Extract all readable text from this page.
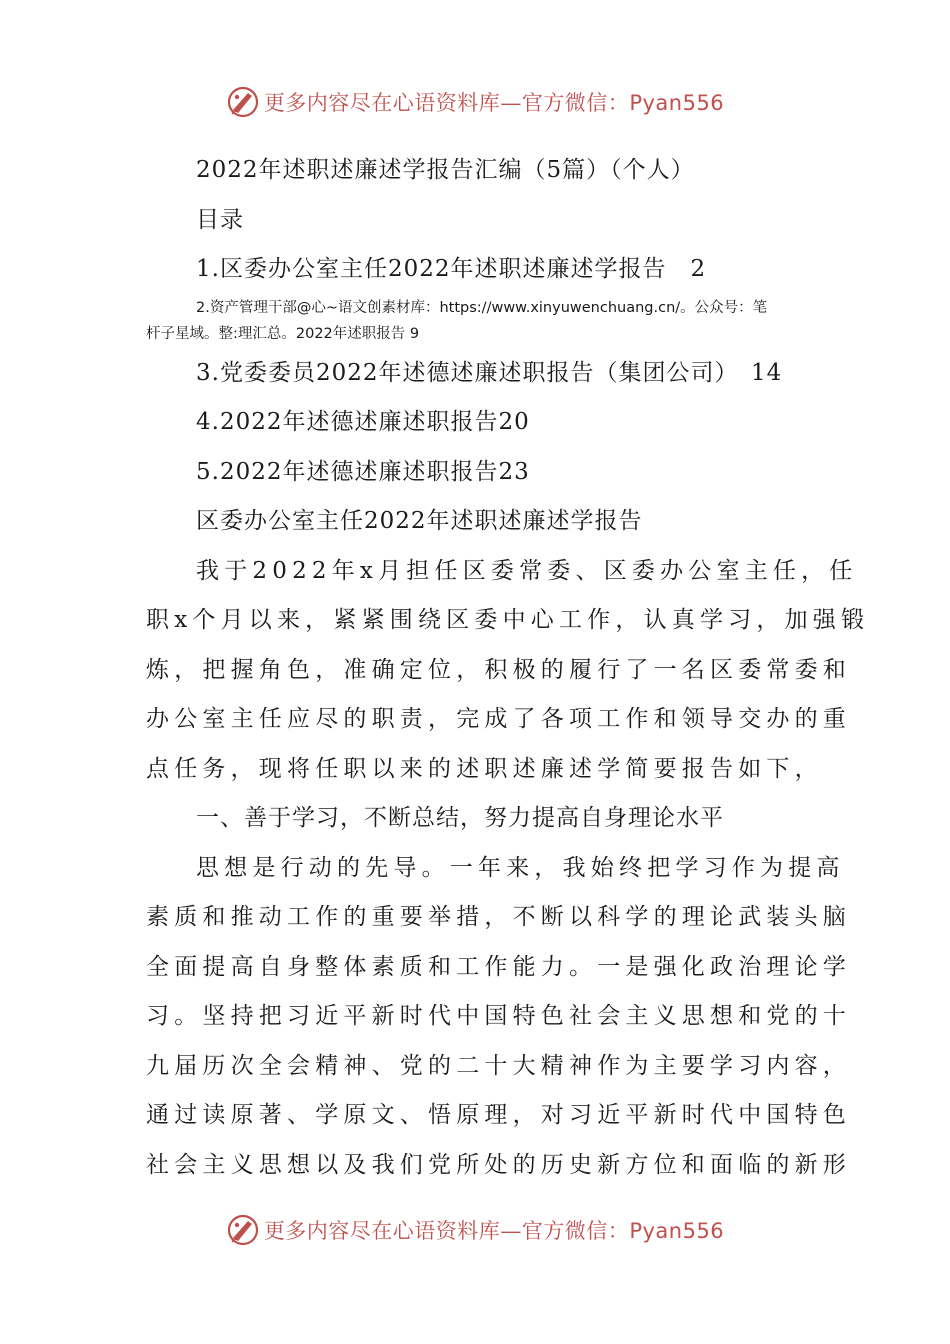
更多内容尽在心语资料库—官方微信：Pyan556
2022年述职述廉述学报告汇编（5篇）（个人）
目录
1.区委办公室主任2022年述职述廉述学报告　2
2.资产管理干部@心~语文创素材库：https://www.xinyuwenchuang.cn/。公众号：笔
杆子星域。整:理汇总。2022年述职报告 9
3.党委委员2022年述德述廉述职报告（集团公司）　14
4.2022年述德述廉述职报告20
5.2022年述德述廉述职报告23
区委办公室主任2022年述职述廉述学报告
我于2022年x月担任区委常委、区委办公室主任，任
职x个月以来，紧紧围绕区委中心工作，认真学习，加强锻
炼，把握角色，准确定位，积极的履行了一名区委常委和
办公室主任应尽的职责，完成了各项工作和领导交办的重
点任务，现将任职以来的述职述廉述学简要报告如下，
一、善于学习，不断总结，努力提高自身理论水平
思想是行动的先导。一年来，我始终把学习作为提高
素质和推动工作的重要举措，不断以科学的理论武装头脑
全面提高自身整体素质和工作能力。一是强化政治理论学
习。坚持把习近平新时代中国特色社会主义思想和党的十
九届历次全会精神、党的二十大精神作为主要学习内容，
通过读原著、学原文、悟原理，对习近平新时代中国特色
社会主义思想以及我们党所处的历史新方位和面临的新形
更多内容尽在心语资料库—官方微信：Pyan556
